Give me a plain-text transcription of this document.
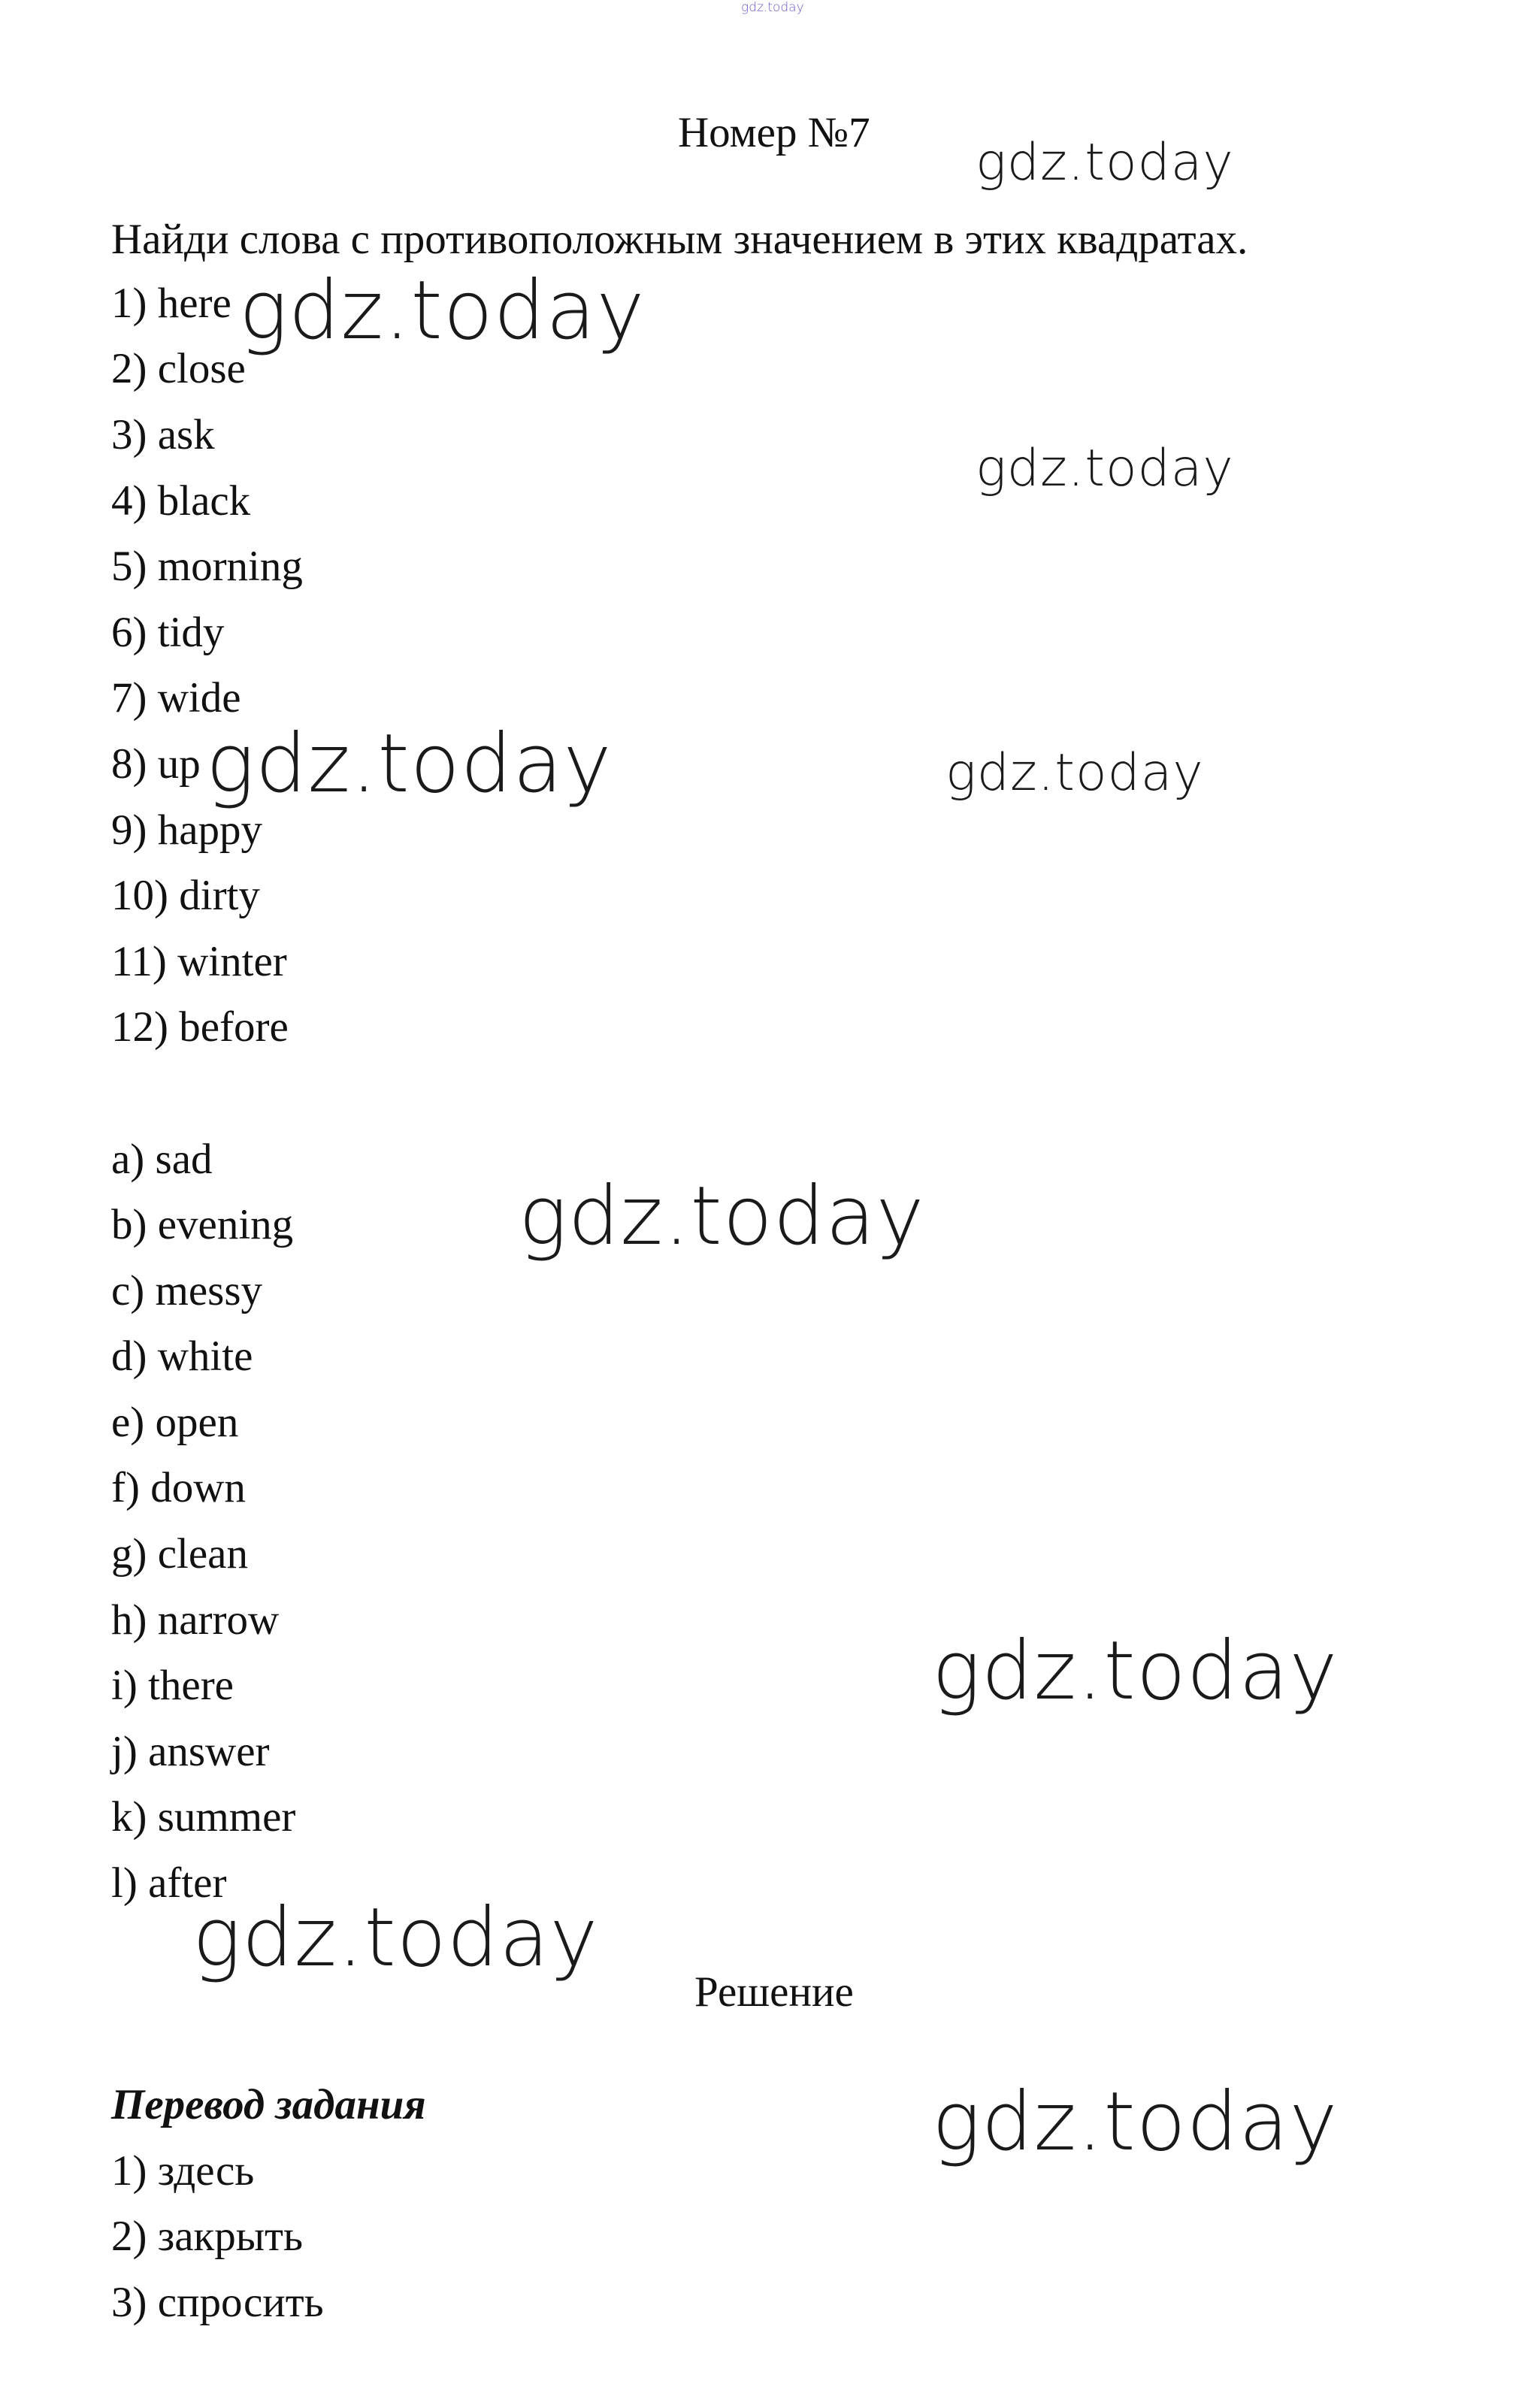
gdz.today
Номер №7
Найди слова с противоположным значением в этих квадратах.
1) here
2) close
3) ask
4) black
5) morning
6) tidy
7) wide
8) up
9) happy
10) dirty
11) winter
12) before
a) sad
b) evening
c) messy
d) white
e) open
f) down
g) clean
h) narrow
i) there
j) answer
k) summer
l) after
Решение
Перевод задания
1) здесь
2) закрыть
3) спросить
gdz.today
gdz.today
gdz.today
gdz.today	gdz.today
gdz.today
gdz.today
gdz.today
gdz.today
